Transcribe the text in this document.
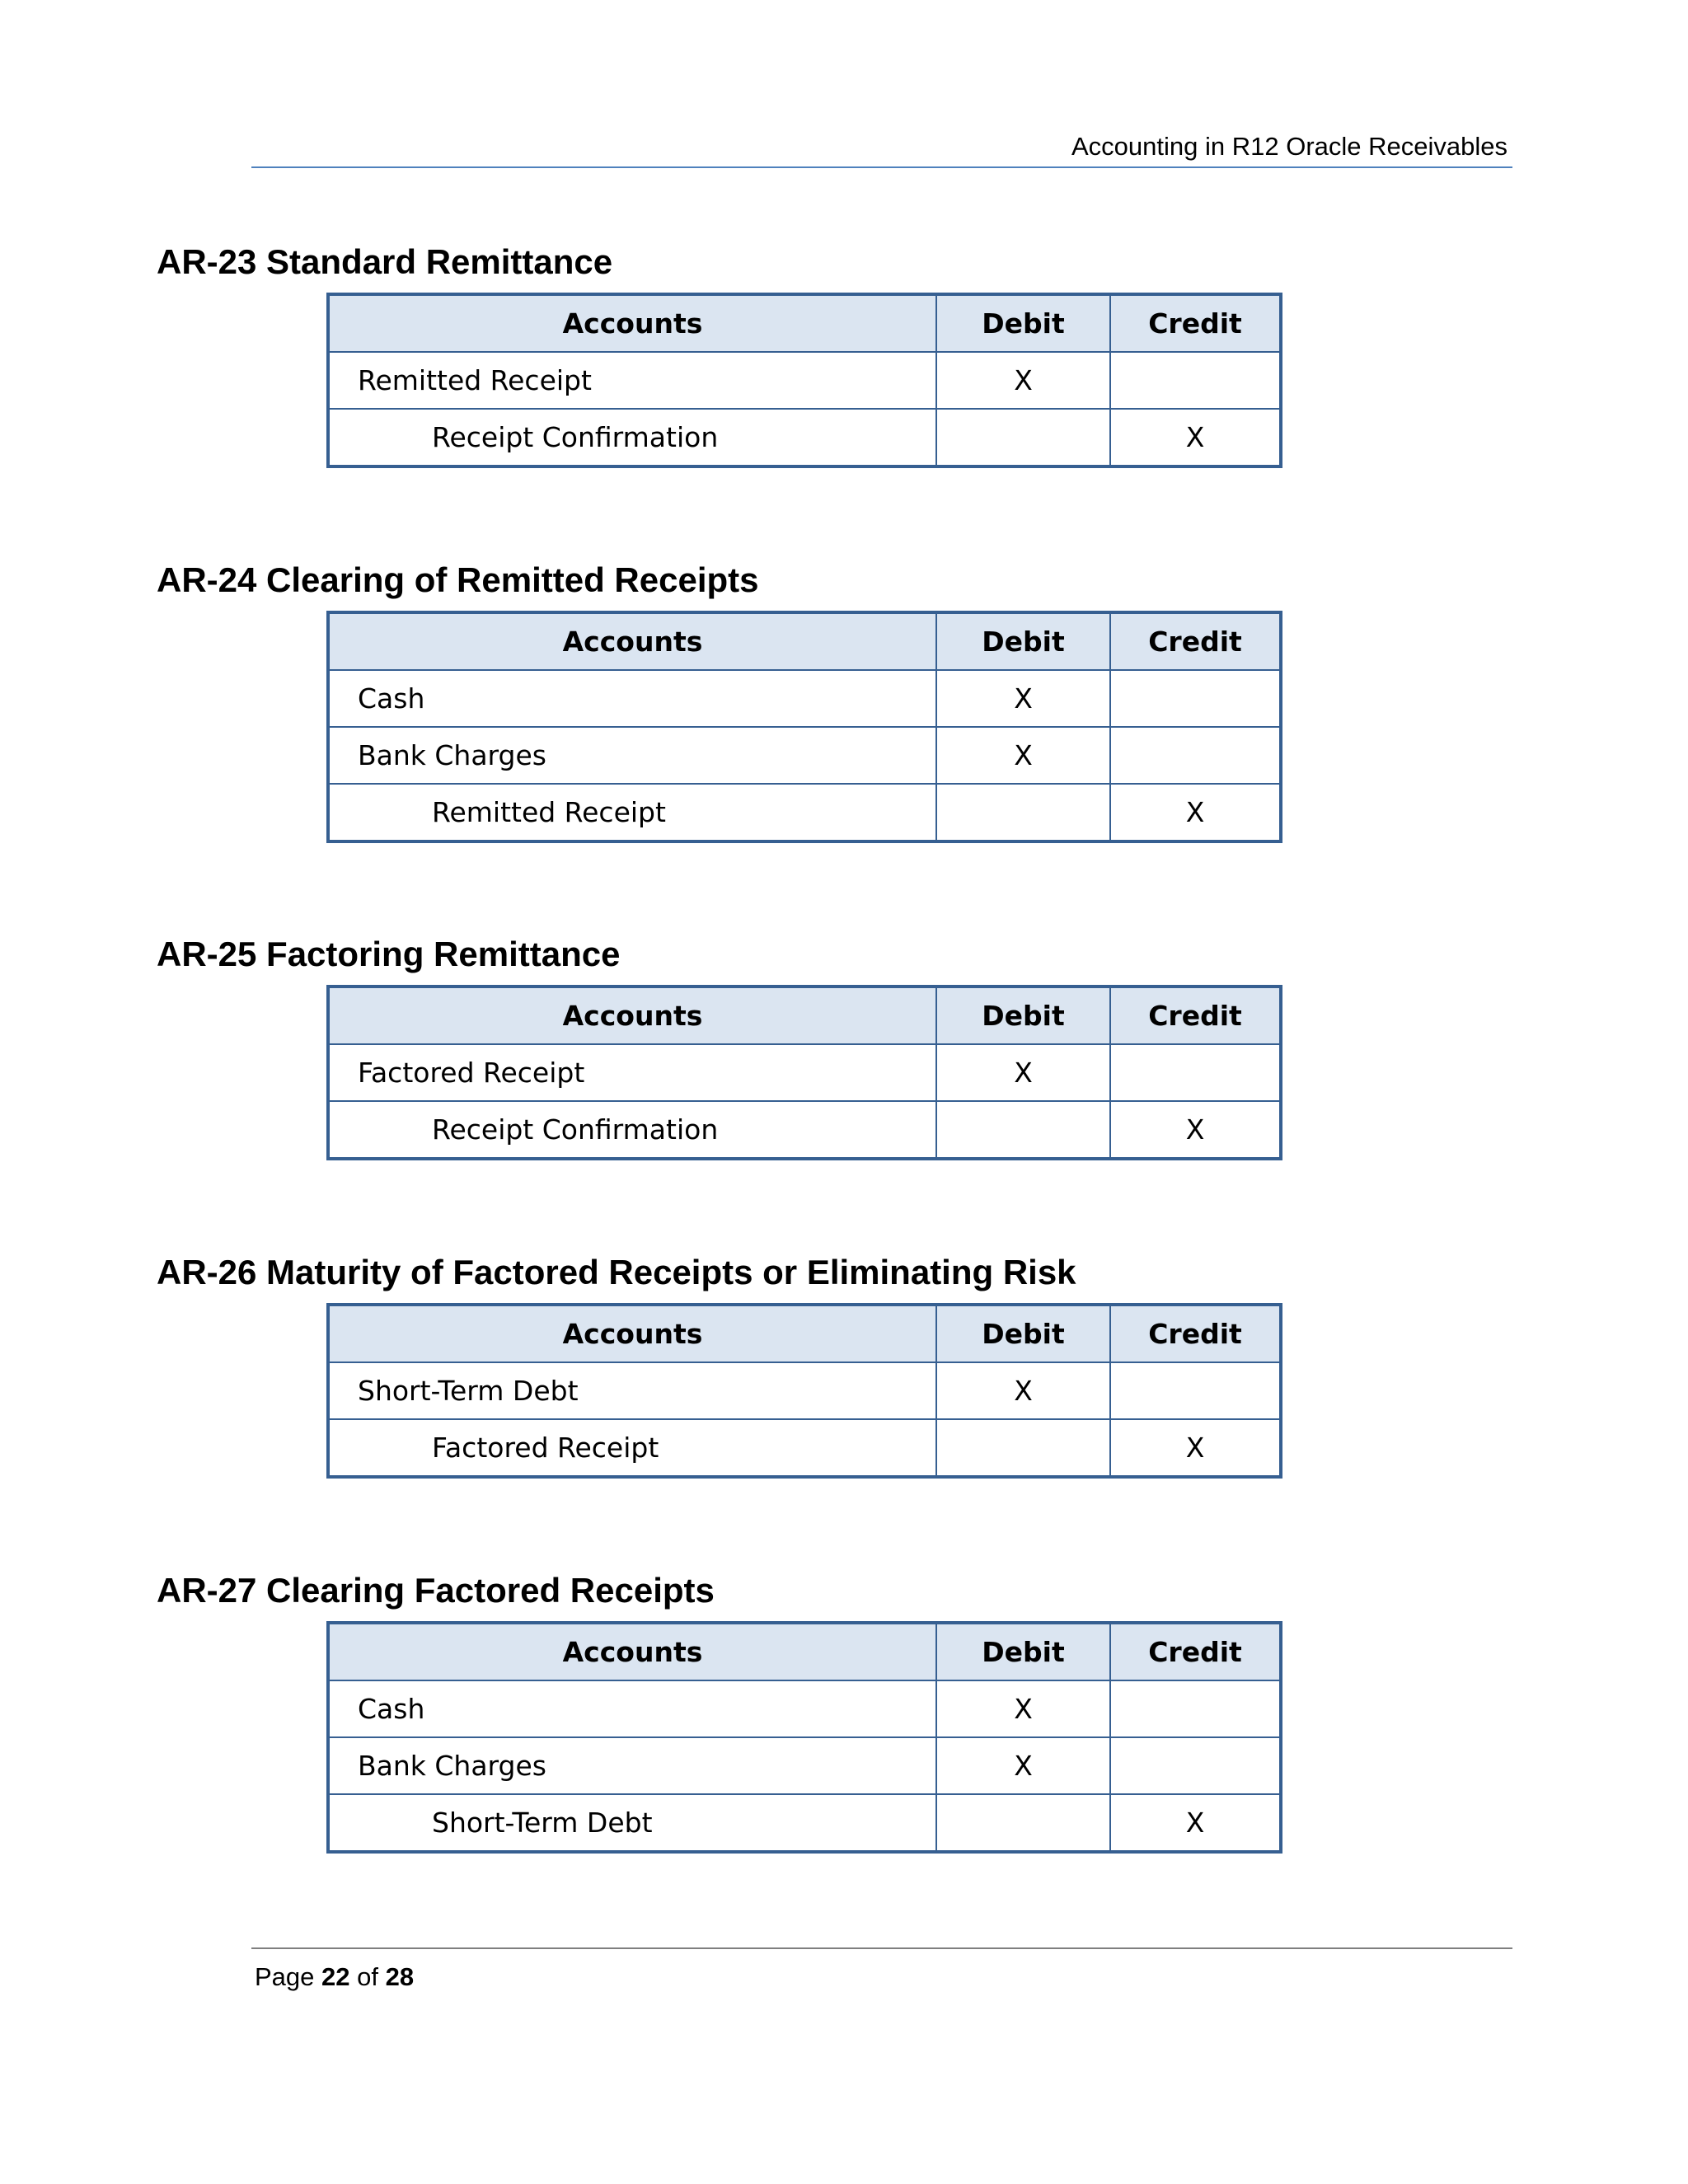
Accounting in R12 Oracle Receivables
AR-23 Standard Remittance
Accounts	Debit	Credit
Remitted Receipt	X	
Receipt Confirmation		X
AR-24 Clearing of Remitted Receipts
Accounts	Debit	Credit
Cash	X	
Bank Charges	X	
Remitted Receipt		X
AR-25 Factoring Remittance
Accounts	Debit	Credit
Factored Receipt	X	
Receipt Confirmation		X
AR-26 Maturity of Factored Receipts or Eliminating Risk
Accounts	Debit	Credit
Short-Term Debt	X	
Factored Receipt		X
AR-27 Clearing Factored Receipts
Accounts	Debit	Credit
Cash	X	
Bank Charges	X	
Short-Term Debt		X
Page 22 of 28
